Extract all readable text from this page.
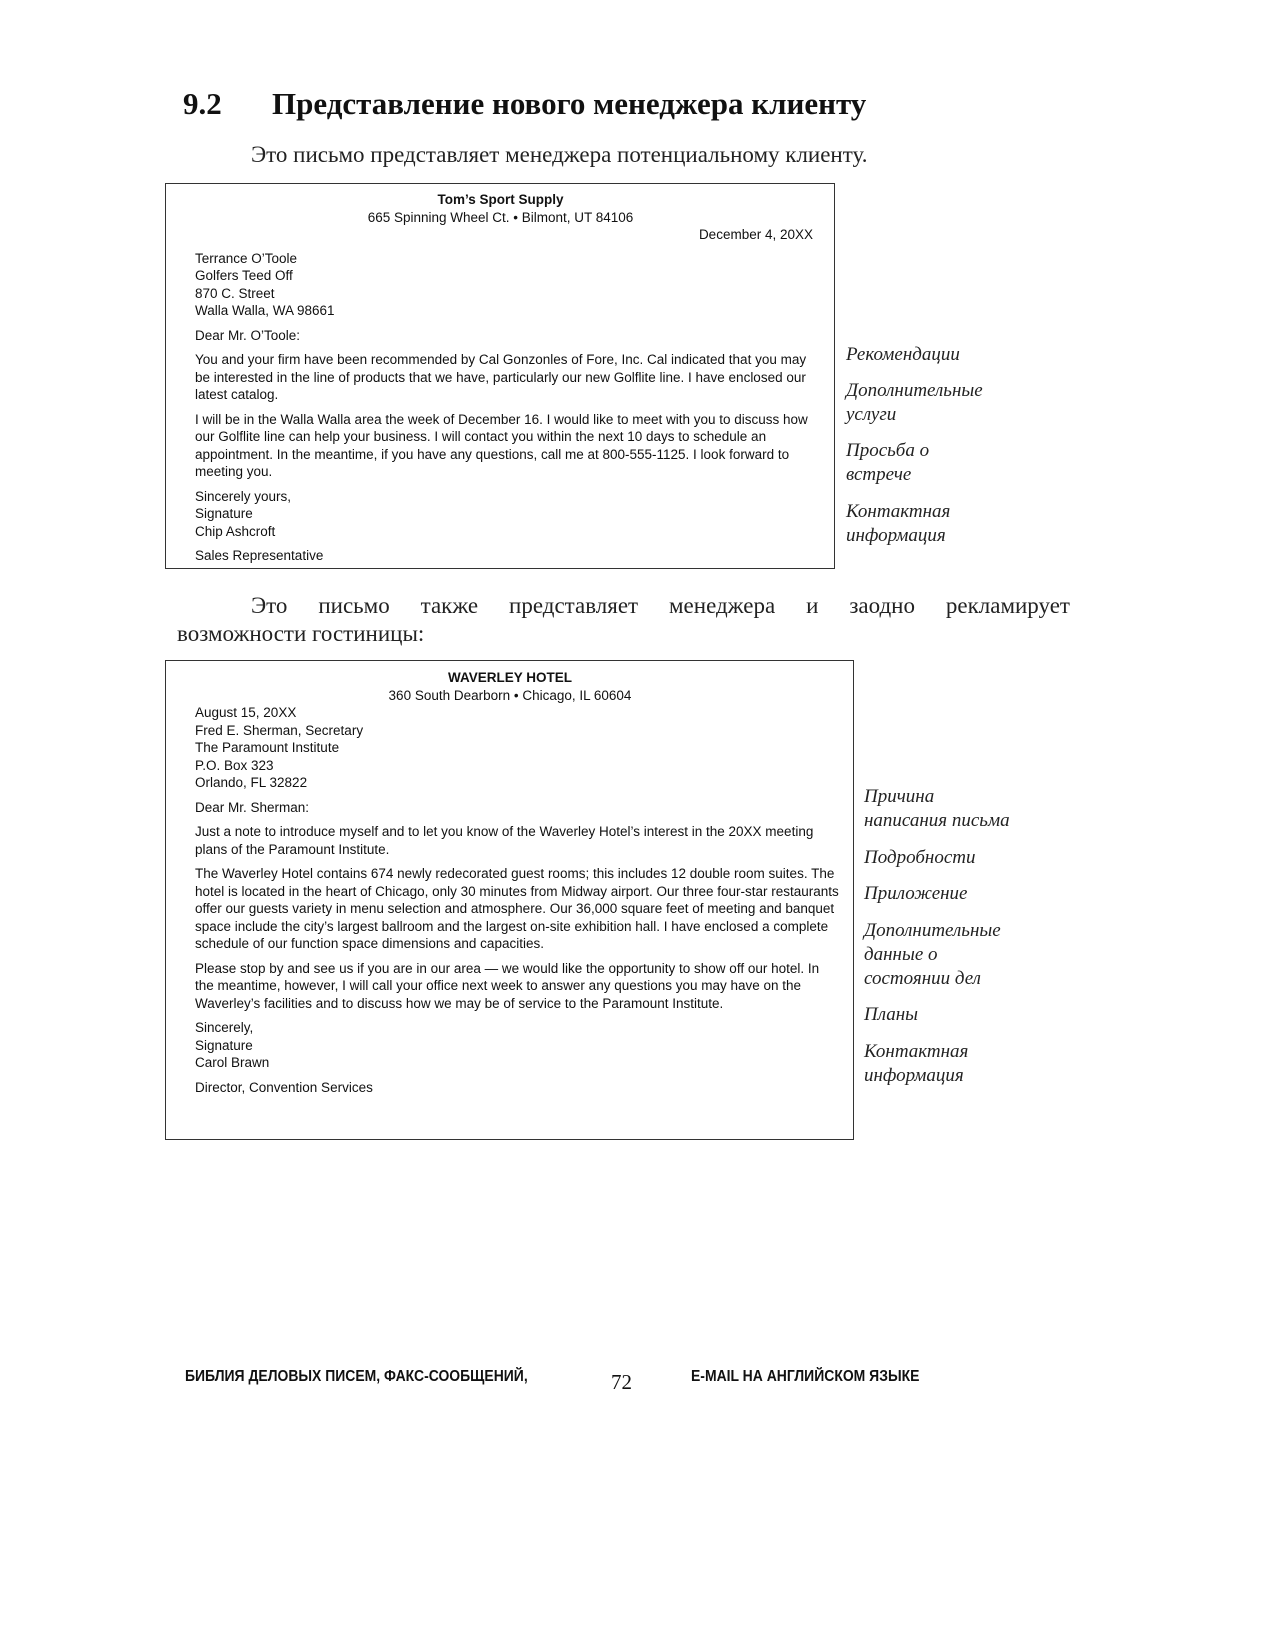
9.2 Представление нового менеджера клиенту
Это письмо представляет менеджера потенциальному клиенту.
Tom’s Sport Supply
665 Spinning Wheel Ct. • Bilmont, UT 84106
December 4, 20XX
Terrance O’Toole
Golfers Teed Off
870 C. Street
Walla Walla, WA 98661
Dear Mr. O’Toole:

You and your firm have been recommended by Cal Gonzonles of Fore, Inc. Cal indicated that you may be interested in the line of products that we have, particularly our new Golflite line. I have enclosed our latest catalog.

I will be in the Walla Walla area the week of December 16. I would like to meet with you to discuss how our Golflite line can help your business. I will contact you within the next 10 days to schedule an appointment. In the meantime, if you have any questions, call me at 800-555-1125. I look forward to meeting you.

Sincerely yours,
Signature
Chip Ashcroft
Sales Representative
Рекомендации
Дополнительные
услуги
Просьба о
встрече
Контактная
информация
Это письмо также представляет менеджера и заодно рекламирует
возможности гостиницы:
WAVERLEY HOTEL
360 South Dearborn • Chicago, IL 60604
August 15, 20XX
Fred E. Sherman, Secretary
The Paramount Institute
P.O. Box 323
Orlando, FL 32822
Dear Mr. Sherman:

Just a note to introduce myself and to let you know of the Waverley Hotel’s interest in the 20XX meeting plans of the Paramount Institute.

The Waverley Hotel contains 674 newly redecorated guest rooms; this includes 12 double room suites. The hotel is located in the heart of Chicago, only 30 minutes from Midway airport. Our three four-star restaurants offer our guests variety in menu selection and atmosphere. Our 36,000 square feet of meeting and banquet space include the city’s largest ballroom and the largest on-site exhibition hall. I have enclosed a complete schedule of our function space dimensions and capacities.

Please stop by and see us if you are in our area — we would like the opportunity to show off our hotel. In the meantime, however, I will call your office next week to answer any questions you may have on the Waverley’s facilities and to discuss how we may be of service to the Paramount Institute.

Sincerely,
Signature
Carol Brawn
Director, Convention Services
Причина
написания письма
Подробности
Приложение
Дополнительные
данные о
состоянии дел
Планы
Контактная
информация
БИБЛИЯ ДЕЛОВЫХ ПИСЕМ, ФАКС-СООБЩЕНИЙ,	72	E-MAIL НА АНГЛИЙСКОМ ЯЗЫКЕ
